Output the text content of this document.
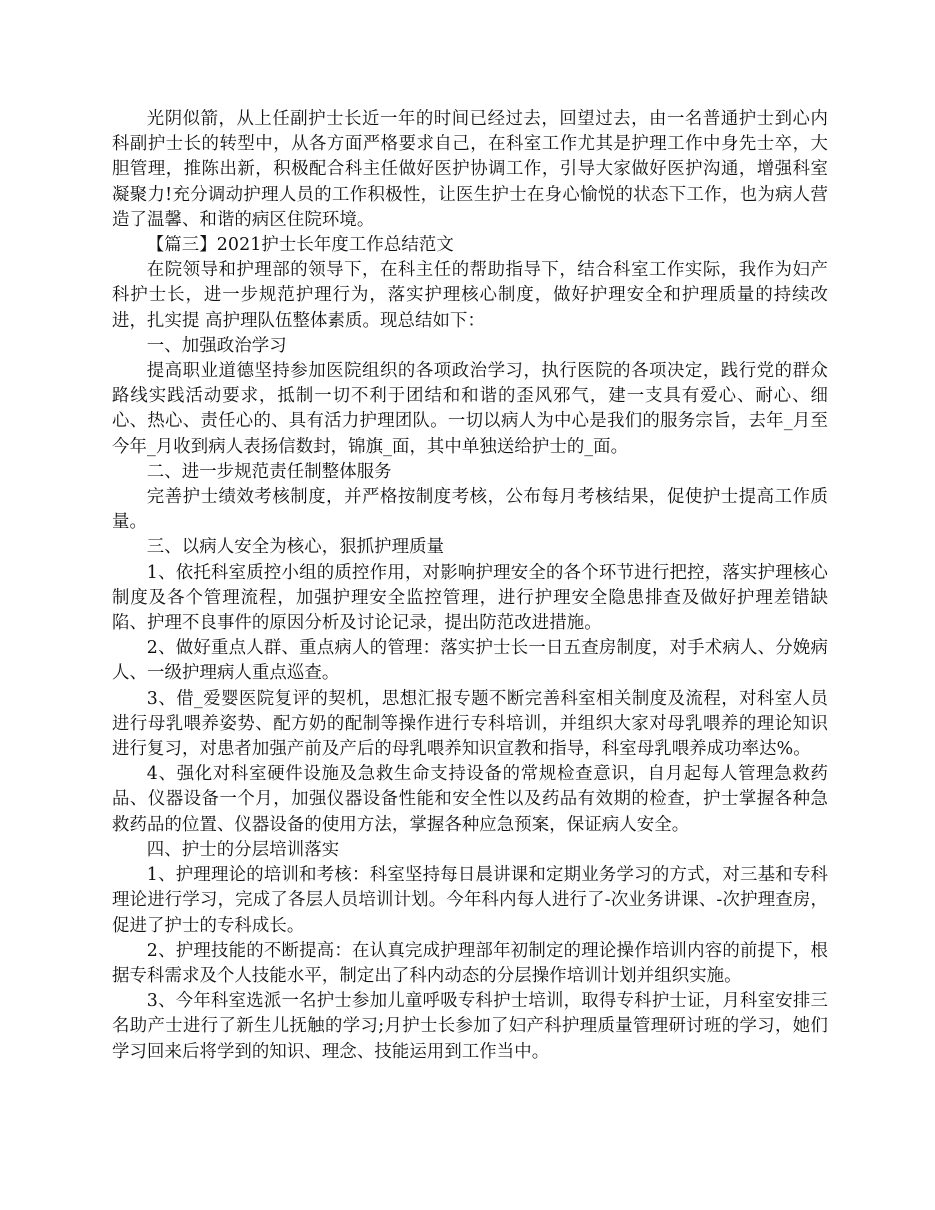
光阴似箭，从上任副护士长近一年的时间已经过去，回望过去，由一名普通护士到心内科副护士长的转型中，从各方面严格要求自己，在科室工作尤其是护理工作中身先士卒，大胆管理，推陈出新，积极配合科主任做好医护协调工作，引导大家做好医护沟通，增强科室凝聚力!充分调动护理人员的工作积极性，让医生护士在身心愉悦的状态下工作，也为病人营造了温馨、和谐的病区住院环境。

【篇三】2021护士长年度工作总结范文

在院领导和护理部的领导下，在科主任的帮助指导下，结合科室工作实际，我作为妇产科护士长，进一步规范护理行为，落实护理核心制度，做好护理安全和护理质量的持续改进，扎实提 高护理队伍整体素质。现总结如下：

一、加强政治学习

提高职业道德坚持参加医院组织的各项政治学习，执行医院的各项决定，践行党的群众路线实践活动要求，抵制一切不利于团结和和谐的歪风邪气，建一支具有爱心、耐心、细心、热心、责任心的、具有活力护理团队。一切以病人为中心是我们的服务宗旨，去年_月至今年_月收到病人表扬信数封，锦旗_面，其中单独送给护士的_面。

二、进一步规范责任制整体服务

完善护士绩效考核制度，并严格按制度考核，公布每月考核结果，促使护士提高工作质量。

三、以病人安全为核心，狠抓护理质量

1、依托科室质控小组的质控作用，对影响护理安全的各个环节进行把控，落实护理核心制度及各个管理流程，加强护理安全监控管理，进行护理安全隐患排查及做好护理差错缺陷、护理不良事件的原因分析及讨论记录，提出防范改进措施。

2、做好重点人群、重点病人的管理：落实护士长一日五查房制度，对手术病人、分娩病人、一级护理病人重点巡查。

3、借_爱婴医院复评的契机，思想汇报专题不断完善科室相关制度及流程，对科室人员进行母乳喂养姿势、配方奶的配制等操作进行专科培训，并组织大家对母乳喂养的理论知识进行复习，对患者加强产前及产后的母乳喂养知识宣教和指导，科室母乳喂养成功率达%。

4、强化对科室硬件设施及急救生命支持设备的常规检查意识，自月起每人管理急救药品、仪器设备一个月，加强仪器设备性能和安全性以及药品有效期的检查，护士掌握各种急救药品的位置、仪器设备的使用方法，掌握各种应急预案，保证病人安全。

四、护士的分层培训落实

1、护理理论的培训和考核：科室坚持每日晨讲课和定期业务学习的方式，对三基和专科理论进行学习，完成了各层人员培训计划。今年科内每人进行了-次业务讲课、-次护理查房，促进了护士的专科成长。

2、护理技能的不断提高：在认真完成护理部年初制定的理论操作培训内容的前提下，根据专科需求及个人技能水平，制定出了科内动态的分层操作培训计划并组织实施。

3、今年科室选派一名护士参加儿童呼吸专科护士培训，取得专科护士证，月科室安排三名助产士进行了新生儿抚触的学习;月护士长参加了妇产科护理质量管理研讨班的学习，她们学习回来后将学到的知识、理念、技能运用到工作当中。
